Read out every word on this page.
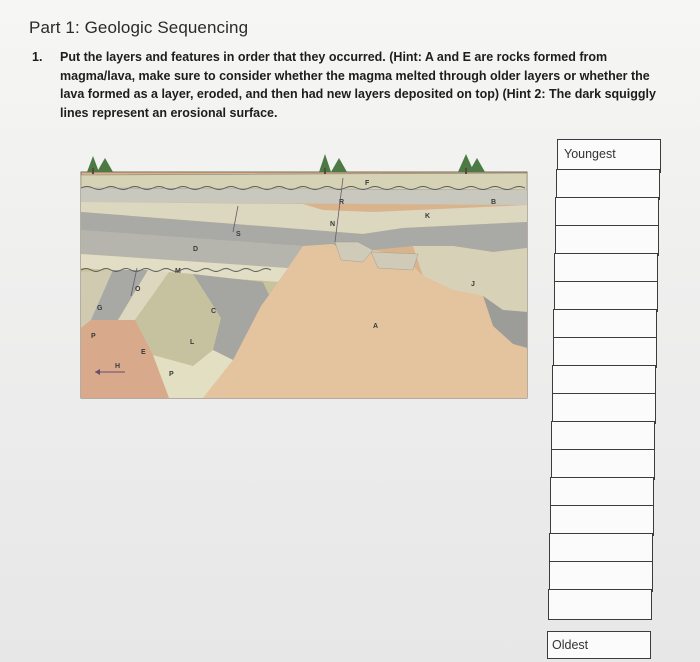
Part 1: Geologic Sequencing
1. Put the layers and features in order that they occurred. (Hint: A and E are rocks formed from magma/lava, make sure to consider whether the magma melted through older layers or whether the lava formed as a layer, eroded, and then had new layers deposited on top) (Hint 2: The dark squiggly lines represent an erosional surface.
F
R	B
K
N
S
D
M
O
J
G	C
A
P
L
E
H
P
Youngest
Oldest
